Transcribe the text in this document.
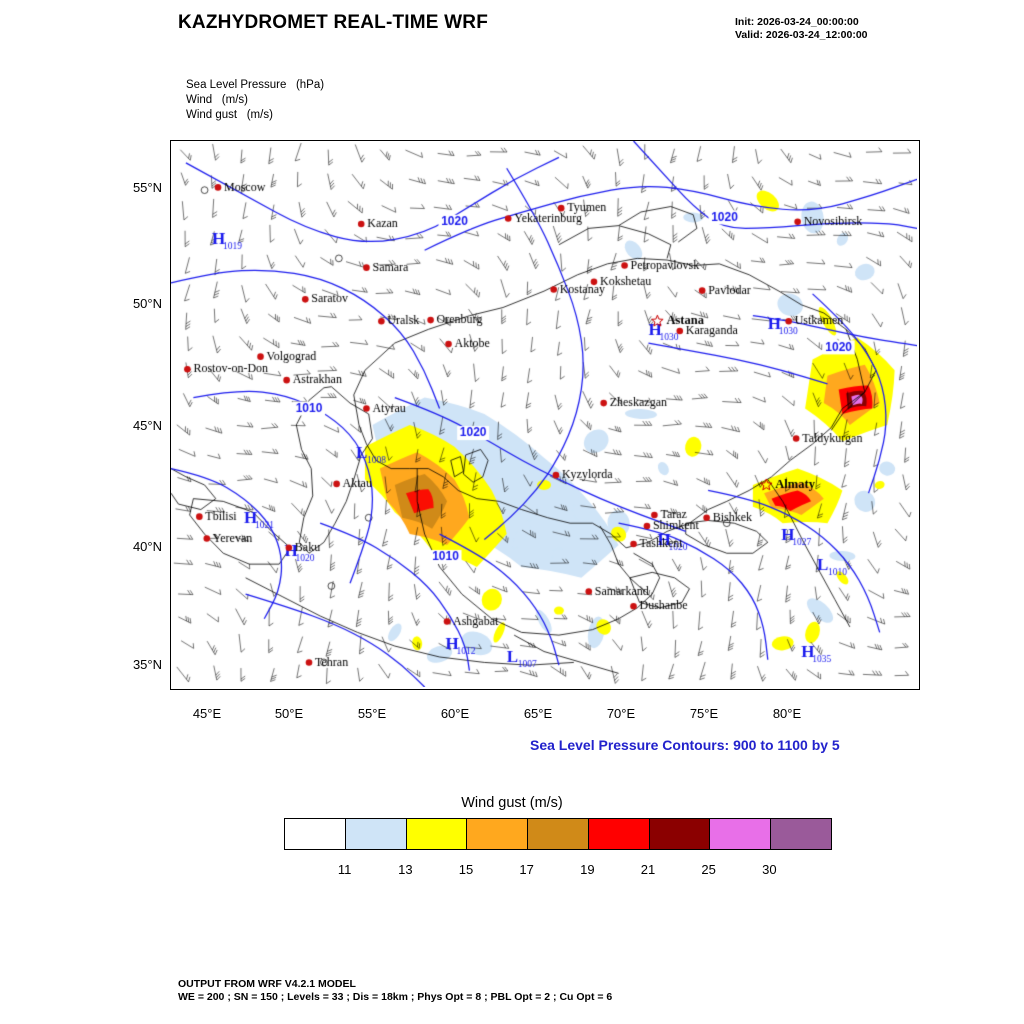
KAZHYDROMET REAL-TIME WRF	Init: 2026-03-24_00:00:00
Valid: 2026-03-24_12:00:00
Sea Level Pressure   (hPa)
Wind   (m/s)
Wind gust   (m/s)
55°N
50°N
45°N
40°N
35°N
45°E	50°E	55°E	60°E	65°E	70°E	75°E	80°E
Sea Level Pressure Contours: 900 to 1100 by 5
Wind gust (m/s)
11	13	15	17	19	21	25	30
OUTPUT FROM WRF V4.2.1 MODEL
WE = 200 ; SN = 150 ; Levels = 33 ; Dis = 18km ; Phys Opt = 8 ; PBL Opt = 2 ; Cu Opt = 6
